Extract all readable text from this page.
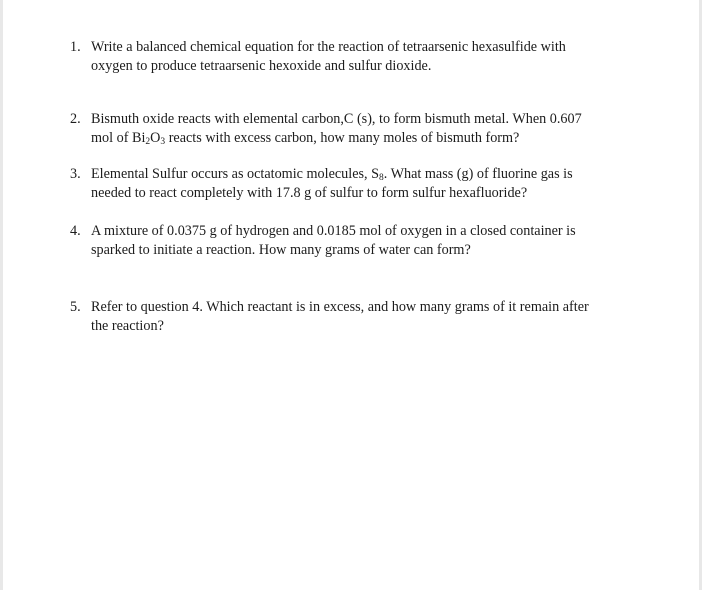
1. Write a balanced chemical equation for the reaction of tetraarsenic hexasulfide with
oxygen to produce tetraarsenic hexoxide and sulfur dioxide.
2. Bismuth oxide reacts with elemental carbon,C (s), to form bismuth metal. When 0.607
mol of $Bi_2O_3$ reacts with excess carbon, how many moles of bismuth form?
3. Elemental Sulfur occurs as octatomic molecules, $S_8$. What mass (g) of fluorine gas is
needed to react completely with 17.8 g of sulfur to form sulfur hexafluoride?
4. A mixture of 0.0375 g of hydrogen and 0.0185 mol of oxygen in a closed container is
sparked to initiate a reaction. How many grams of water can form?
5. Refer to question 4. Which reactant is in excess, and how many grams of it remain after
the reaction?
